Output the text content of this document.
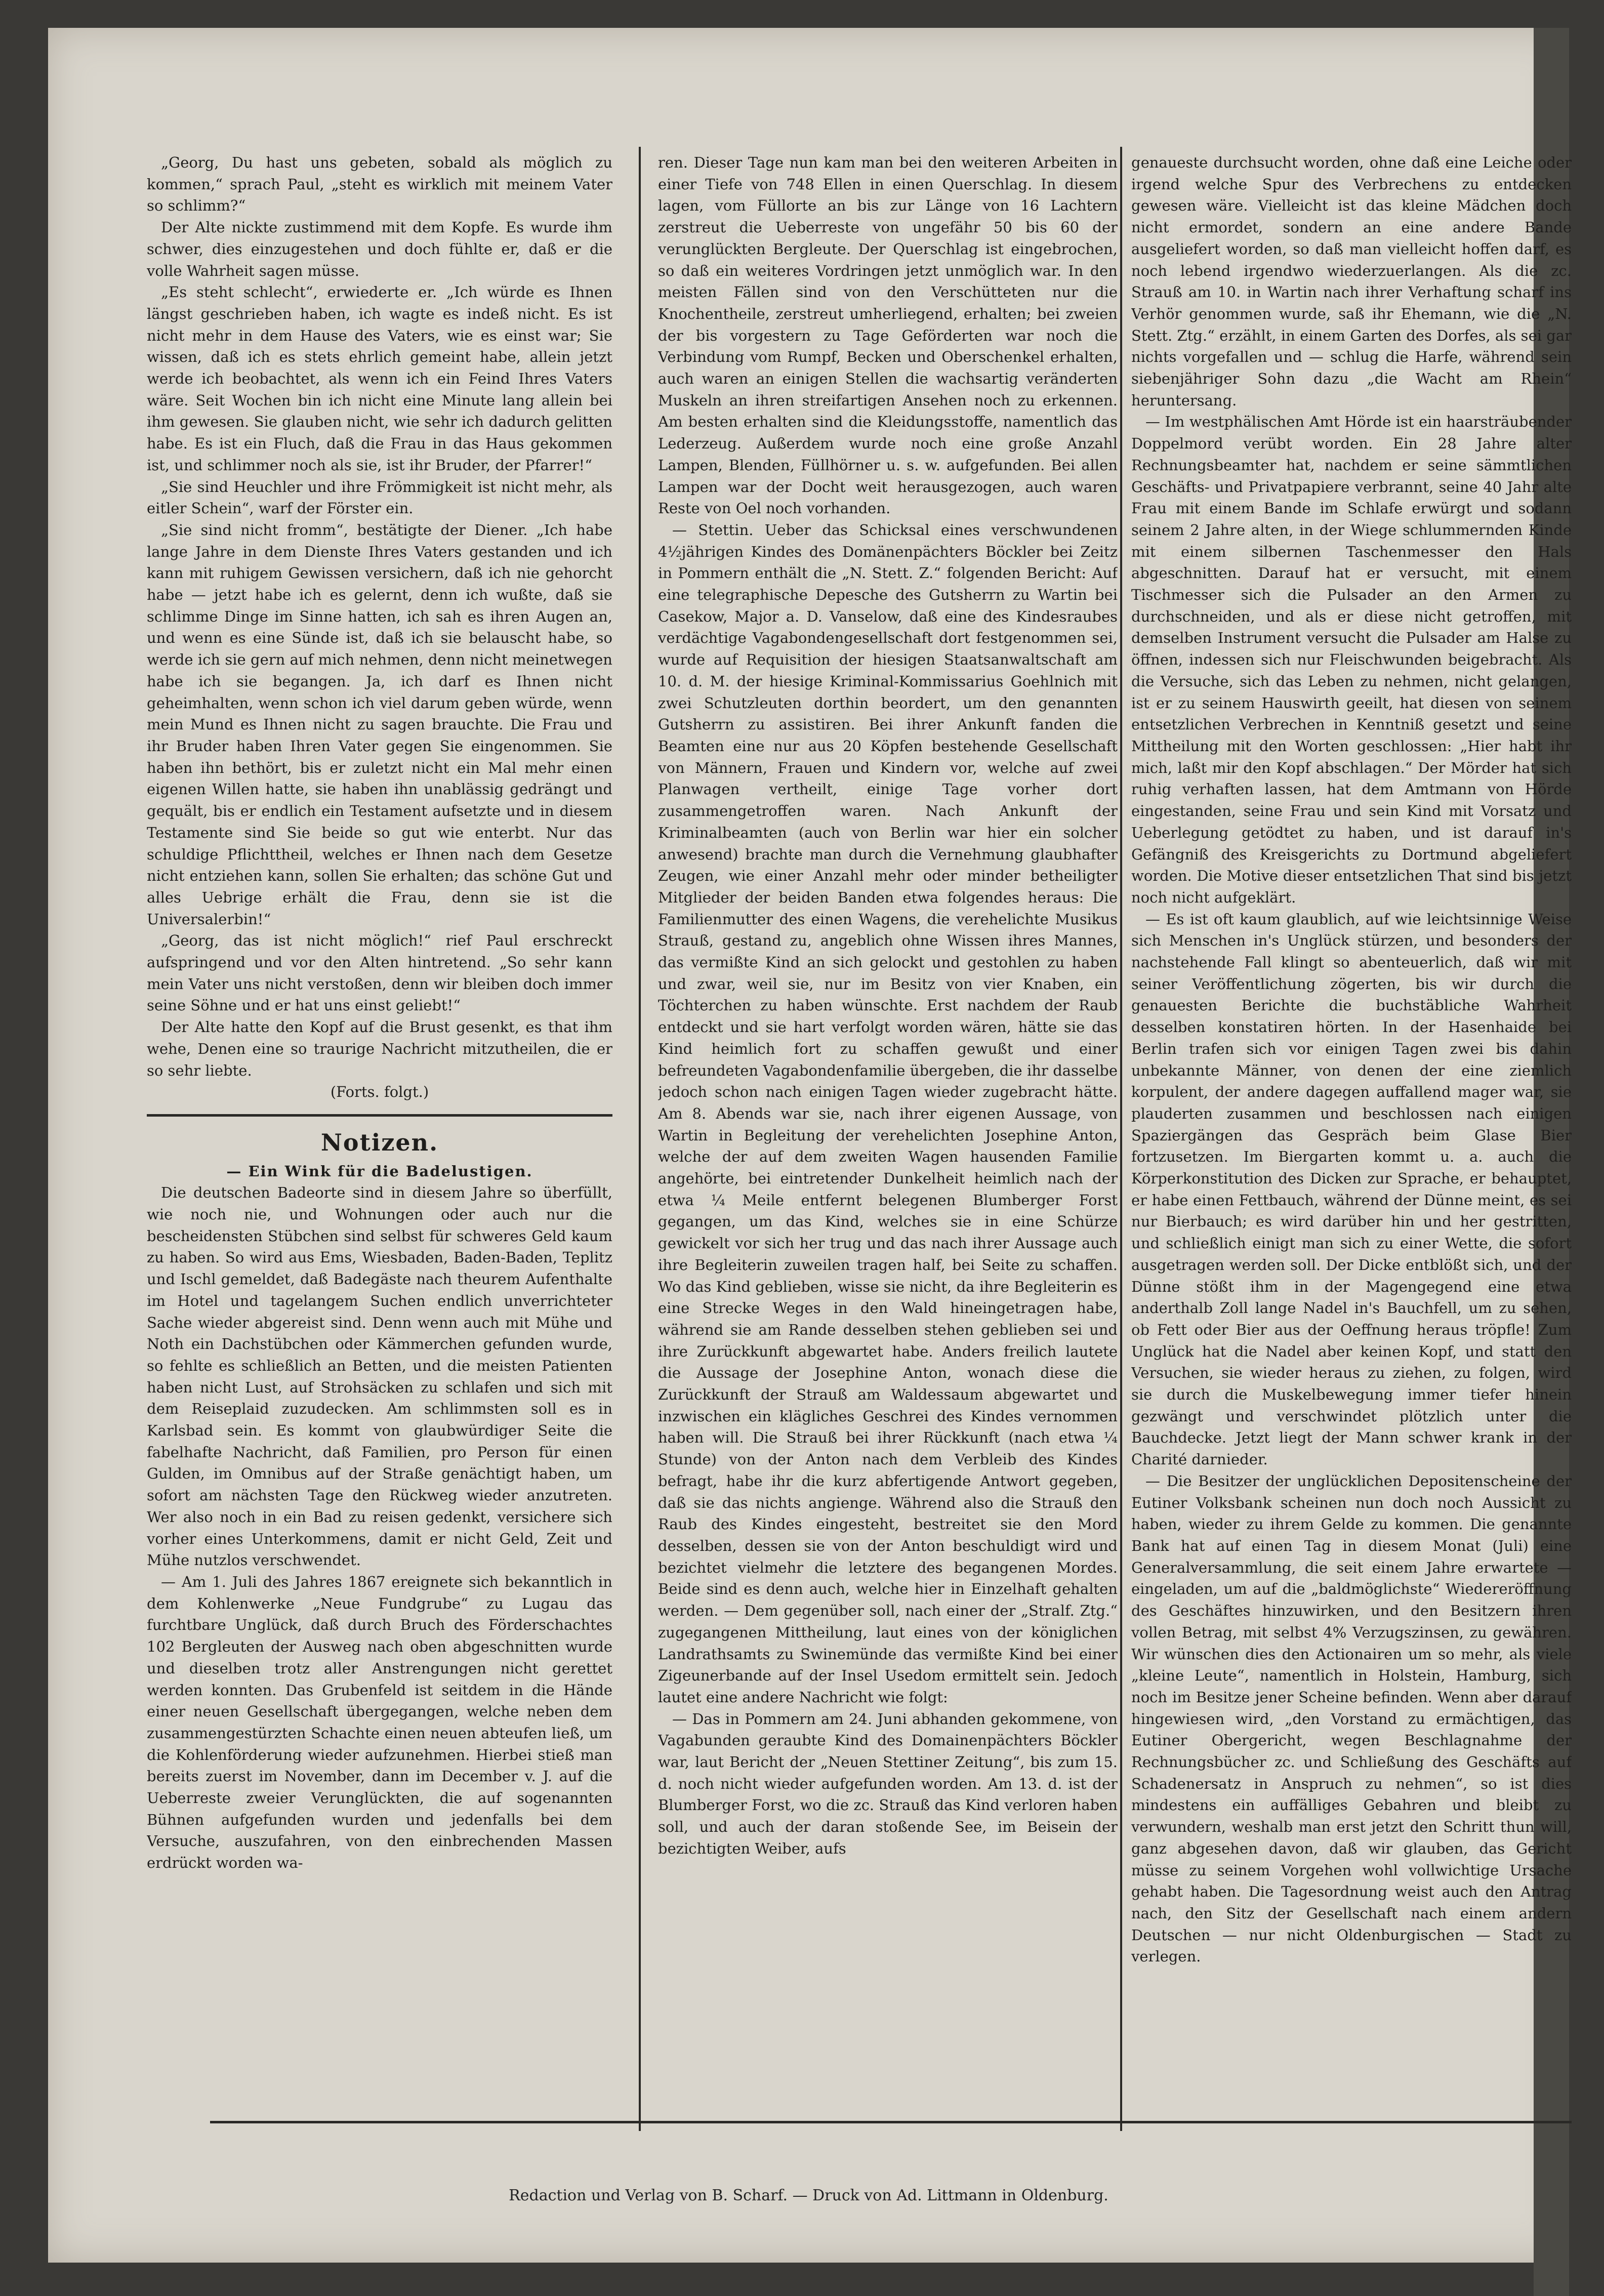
„Georg, Du hast uns gebeten, sobald als möglich zu kommen,“ sprach Paul, „steht es wirklich mit meinem Vater so schlimm?“

Der Alte nickte zustimmend mit dem Kopfe. Es wurde ihm schwer, dies einzugestehen und doch fühlte er, daß er die volle Wahrheit sagen müsse.

„Es steht schlecht“, erwiederte er. „Ich würde es Ihnen längst geschrieben haben, ich wagte es indeß nicht. Es ist nicht mehr in dem Hause des Vaters, wie es einst war; Sie wissen, daß ich es stets ehrlich gemeint habe, allein jetzt werde ich beobachtet, als wenn ich ein Feind Ihres Vaters wäre. Seit Wochen bin ich nicht eine Minute lang allein bei ihm gewesen. Sie glauben nicht, wie sehr ich dadurch gelitten habe. Es ist ein Fluch, daß die Frau in das Haus gekommen ist, und schlimmer noch als sie, ist ihr Bruder, der Pfarrer!“

„Sie sind Heuchler und ihre Frömmigkeit ist nicht mehr, als eitler Schein“, warf der Förster ein.

„Sie sind nicht fromm“, bestätigte der Diener. „Ich habe lange Jahre in dem Dienste Ihres Vaters gestanden und ich kann mit ruhigem Gewissen versichern, daß ich nie gehorcht habe — jetzt habe ich es gelernt, denn ich wußte, daß sie schlimme Dinge im Sinne hatten, ich sah es ihren Augen an, und wenn es eine Sünde ist, daß ich sie belauscht habe, so werde ich sie gern auf mich nehmen, denn nicht meinetwegen habe ich sie begangen. Ja, ich darf es Ihnen nicht geheimhalten, wenn schon ich viel darum geben würde, wenn mein Mund es Ihnen nicht zu sagen brauchte. Die Frau und ihr Bruder haben Ihren Vater gegen Sie eingenommen. Sie haben ihn bethört, bis er zuletzt nicht ein Mal mehr einen eigenen Willen hatte, sie haben ihn unablässig gedrängt und gequält, bis er endlich ein Testament aufsetzte und in diesem Testamente sind Sie beide so gut wie enterbt. Nur das schuldige Pflichttheil, welches er Ihnen nach dem Gesetze nicht entziehen kann, sollen Sie erhalten; das schöne Gut und alles Uebrige erhält die Frau, denn sie ist die Universalerbin!“

„Georg, das ist nicht möglich!“ rief Paul erschreckt aufspringend und vor den Alten hintretend. „So sehr kann mein Vater uns nicht verstoßen, denn wir bleiben doch immer seine Söhne und er hat uns einst geliebt!“

Der Alte hatte den Kopf auf die Brust gesenkt, es that ihm wehe, Denen eine so traurige Nachricht mitzutheilen, die er so sehr liebte.

(Forts. folgt.)

Notizen.

— Ein Wink für die Badelustigen.

Die deutschen Badeorte sind in diesem Jahre so überfüllt, wie noch nie, und Wohnungen oder auch nur die bescheidensten Stübchen sind selbst für schweres Geld kaum zu haben. So wird aus Ems, Wiesbaden, Baden-Baden, Teplitz und Ischl gemeldet, daß Badegäste nach theurem Aufenthalte im Hotel und tagelangem Suchen endlich unverrichteter Sache wieder abgereist sind. Denn wenn auch mit Mühe und Noth ein Dachstübchen oder Kämmerchen gefunden wurde, so fehlte es schließlich an Betten, und die meisten Patienten haben nicht Lust, auf Strohsäcken zu schlafen und sich mit dem Reiseplaid zuzudecken. Am schlimmsten soll es in Karlsbad sein. Es kommt von glaubwürdiger Seite die fabelhafte Nachricht, daß Familien, pro Person für einen Gulden, im Omnibus auf der Straße genächtigt haben, um sofort am nächsten Tage den Rückweg wieder anzutreten. Wer also noch in ein Bad zu reisen gedenkt, versichere sich vorher eines Unterkommens, damit er nicht Geld, Zeit und Mühe nutzlos verschwendet.

— Am 1. Juli des Jahres 1867 ereignete sich bekanntlich in dem Kohlenwerke „Neue Fundgrube“ zu Lugau das furchtbare Unglück, daß durch Bruch des Förderschachtes 102 Bergleuten der Ausweg nach oben abgeschnitten wurde und dieselben trotz aller Anstrengungen nicht gerettet werden konnten. Das Grubenfeld ist seitdem in die Hände einer neuen Gesellschaft übergegangen, welche neben dem zusammengestürzten Schachte einen neuen abteufen ließ, um die Kohlenförderung wieder aufzunehmen. Hierbei stieß man bereits zuerst im November, dann im December v. J. auf die Ueberreste zweier Verunglückten, die auf sogenannten Bühnen aufgefunden wurden und jedenfalls bei dem Versuche, auszufahren, von den einbrechenden Massen erdrückt worden wa-

ren. Dieser Tage nun kam man bei den weiteren Arbeiten in einer Tiefe von 748 Ellen in einen Querschlag. In diesem lagen, vom Füllorte an bis zur Länge von 16 Lachtern zerstreut die Ueberreste von ungefähr 50 bis 60 der verunglückten Bergleute. Der Querschlag ist eingebrochen, so daß ein weiteres Vordringen jetzt unmöglich war. In den meisten Fällen sind von den Verschütteten nur die Knochentheile, zerstreut umherliegend, erhalten; bei zweien der bis vorgestern zu Tage Geförderten war noch die Verbindung vom Rumpf, Becken und Oberschenkel erhalten, auch waren an einigen Stellen die wachsartig veränderten Muskeln an ihren streifartigen Ansehen noch zu erkennen. Am besten erhalten sind die Kleidungsstoffe, namentlich das Lederzeug. Außerdem wurde noch eine große Anzahl Lampen, Blenden, Füllhörner u. s. w. aufgefunden. Bei allen Lampen war der Docht weit herausgezogen, auch waren Reste von Oel noch vorhanden.

— Stettin. Ueber das Schicksal eines verschwundenen 4½jährigen Kindes des Domänenpächters Böckler bei Zeitz in Pommern enthält die „N. Stett. Z.“ folgenden Bericht: Auf eine telegraphische Depesche des Gutsherrn zu Wartin bei Casekow, Major a. D. Vanselow, daß eine des Kindesraubes verdächtige Vagabondengesellschaft dort festgenommen sei, wurde auf Requisition der hiesigen Staatsanwaltschaft am 10. d. M. der hiesige Kriminal-Kommissarius Goehlnich mit zwei Schutzleuten dorthin beordert, um den genannten Gutsherrn zu assistiren. Bei ihrer Ankunft fanden die Beamten eine nur aus 20 Köpfen bestehende Gesellschaft von Männern, Frauen und Kindern vor, welche auf zwei Planwagen vertheilt, einige Tage vorher dort zusammengetroffen waren. Nach Ankunft der Kriminalbeamten (auch von Berlin war hier ein solcher anwesend) brachte man durch die Vernehmung glaubhafter Zeugen, wie einer Anzahl mehr oder minder betheiligter Mitglieder der beiden Banden etwa folgendes heraus: Die Familienmutter des einen Wagens, die verehelichte Musikus Strauß, gestand zu, angeblich ohne Wissen ihres Mannes, das vermißte Kind an sich gelockt und gestohlen zu haben und zwar, weil sie, nur im Besitz von vier Knaben, ein Töchterchen zu haben wünschte. Erst nachdem der Raub entdeckt und sie hart verfolgt worden wären, hätte sie das Kind heimlich fort zu schaffen gewußt und einer befreundeten Vagabondenfamilie übergeben, die ihr dasselbe jedoch schon nach einigen Tagen wieder zugebracht hätte. Am 8. Abends war sie, nach ihrer eigenen Aussage, von Wartin in Begleitung der verehelichten Josephine Anton, welche der auf dem zweiten Wagen hausenden Familie angehörte, bei eintretender Dunkelheit heimlich nach der etwa ¼ Meile entfernt belegenen Blumberger Forst gegangen, um das Kind, welches sie in eine Schürze gewickelt vor sich her trug und das nach ihrer Aussage auch ihre Begleiterin zuweilen tragen half, bei Seite zu schaffen. Wo das Kind geblieben, wisse sie nicht, da ihre Begleiterin es eine Strecke Weges in den Wald hineingetragen habe, während sie am Rande desselben stehen geblieben sei und ihre Zurückkunft abgewartet habe. Anders freilich lautete die Aussage der Josephine Anton, wonach diese die Zurückkunft der Strauß am Waldessaum abgewartet und inzwischen ein klägliches Geschrei des Kindes vernommen haben will. Die Strauß bei ihrer Rückkunft (nach etwa ¼ Stunde) von der Anton nach dem Verbleib des Kindes befragt, habe ihr die kurz abfertigende Antwort gegeben, daß sie das nichts angienge. Während also die Strauß den Raub des Kindes eingesteht, bestreitet sie den Mord desselben, dessen sie von der Anton beschuldigt wird und bezichtet vielmehr die letztere des begangenen Mordes. Beide sind es denn auch, welche hier in Einzelhaft gehalten werden. — Dem gegenüber soll, nach einer der „Stralf. Ztg.“ zugegangenen Mittheilung, laut eines von der königlichen Landrathsamts zu Swinemünde das vermißte Kind bei einer Zigeunerbande auf der Insel Usedom ermittelt sein. Jedoch lautet eine andere Nachricht wie folgt:

— Das in Pommern am 24. Juni abhanden gekommene, von Vagabunden geraubte Kind des Domainenpächters Böckler war, laut Bericht der „Neuen Stettiner Zeitung“, bis zum 15. d. noch nicht wieder aufgefunden worden. Am 13. d. ist der Blumberger Forst, wo die zc. Strauß das Kind verloren haben soll, und auch der daran stoßende See, im Beisein der bezichtigten Weiber, aufs

genaueste durchsucht worden, ohne daß eine Leiche oder irgend welche Spur des Verbrechens zu entdecken gewesen wäre. Vielleicht ist das kleine Mädchen doch nicht ermordet, sondern an eine andere Bande ausgeliefert worden, so daß man vielleicht hoffen darf, es noch lebend irgendwo wiederzuerlangen. Als die zc. Strauß am 10. in Wartin nach ihrer Verhaftung scharf ins Verhör genommen wurde, saß ihr Ehemann, wie die „N. Stett. Ztg.“ erzählt, in einem Garten des Dorfes, als sei gar nichts vorgefallen und — schlug die Harfe, während sein siebenjähriger Sohn dazu „die Wacht am Rhein“ heruntersang.

— Im westphälischen Amt Hörde ist ein haarsträubender Doppelmord verübt worden. Ein 28 Jahre alter Rechnungsbeamter hat, nachdem er seine sämmtlichen Geschäfts- und Privatpapiere verbrannt, seine 40 Jahr alte Frau mit einem Bande im Schlafe erwürgt und sodann seinem 2 Jahre alten, in der Wiege schlummernden Kinde mit einem silbernen Taschenmesser den Hals abgeschnitten. Darauf hat er versucht, mit einem Tischmesser sich die Pulsader an den Armen zu durchschneiden, und als er diese nicht getroffen, mit demselben Instrument versucht die Pulsader am Halse zu öffnen, indessen sich nur Fleischwunden beigebracht. Als die Versuche, sich das Leben zu nehmen, nicht gelangen, ist er zu seinem Hauswirth geeilt, hat diesen von seinem entsetzlichen Verbrechen in Kenntniß gesetzt und seine Mittheilung mit den Worten geschlossen: „Hier habt ihr mich, laßt mir den Kopf abschlagen.“ Der Mörder hat sich ruhig verhaften lassen, hat dem Amtmann von Hörde eingestanden, seine Frau und sein Kind mit Vorsatz und Ueberlegung getödtet zu haben, und ist darauf in's Gefängniß des Kreisgerichts zu Dortmund abgeliefert worden. Die Motive dieser entsetzlichen That sind bis jetzt noch nicht aufgeklärt.

— Es ist oft kaum glaublich, auf wie leichtsinnige Weise sich Menschen in's Unglück stürzen, und besonders der nachstehende Fall klingt so abenteuerlich, daß wir mit seiner Veröffentlichung zögerten, bis wir durch die genauesten Berichte die buchstäbliche Wahrheit desselben konstatiren hörten. In der Hasenhaide bei Berlin trafen sich vor einigen Tagen zwei bis dahin unbekannte Männer, von denen der eine ziemlich korpulent, der andere dagegen auffallend mager war, sie plauderten zusammen und beschlossen nach einigen Spaziergängen das Gespräch beim Glase Bier fortzusetzen. Im Biergarten kommt u. a. auch die Körperkonstitution des Dicken zur Sprache, er behauptet, er habe einen Fettbauch, während der Dünne meint, es sei nur Bierbauch; es wird darüber hin und her gestritten, und schließlich einigt man sich zu einer Wette, die sofort ausgetragen werden soll. Der Dicke entblößt sich, und der Dünne stößt ihm in der Magengegend eine etwa anderthalb Zoll lange Nadel in's Bauchfell, um zu sehen, ob Fett oder Bier aus der Oeffnung heraus tröpfle! Zum Unglück hat die Nadel aber keinen Kopf, und statt den Versuchen, sie wieder heraus zu ziehen, zu folgen, wird sie durch die Muskelbewegung immer tiefer hinein gezwängt und verschwindet plötzlich unter die Bauchdecke. Jetzt liegt der Mann schwer krank in der Charité darnieder.

— Die Besitzer der unglücklichen Depositenscheine der Eutiner Volksbank scheinen nun doch noch Aussicht zu haben, wieder zu ihrem Gelde zu kommen. Die genannte Bank hat auf einen Tag in diesem Monat (Juli) eine Generalversammlung, die seit einem Jahre erwartete — eingeladen, um auf die „baldmöglichste“ Wiedereröffnung des Geschäftes hinzuwirken, und den Besitzern ihren vollen Betrag, mit selbst 4% Verzugszinsen, zu gewähren. Wir wünschen dies den Actionairen um so mehr, als viele „kleine Leute“, namentlich in Holstein, Hamburg, sich noch im Besitze jener Scheine befinden. Wenn aber darauf hingewiesen wird, „den Vorstand zu ermächtigen, das Eutiner Obergericht, wegen Beschlagnahme der Rechnungsbücher zc. und Schließung des Geschäfts auf Schadenersatz in Anspruch zu nehmen“, so ist dies mindestens ein auffälliges Gebahren und bleibt zu verwundern, weshalb man erst jetzt den Schritt thun will, ganz abgesehen davon, daß wir glauben, das Gericht müsse zu seinem Vorgehen wohl vollwichtige Ursache gehabt haben. Die Tagesordnung weist auch den Antrag nach, den Sitz der Gesellschaft nach einem andern Deutschen — nur nicht Oldenburgischen — Stadt zu verlegen.

Redaction und Verlag von B. Scharf. — Druck von Ad. Littmann in Oldenburg.
